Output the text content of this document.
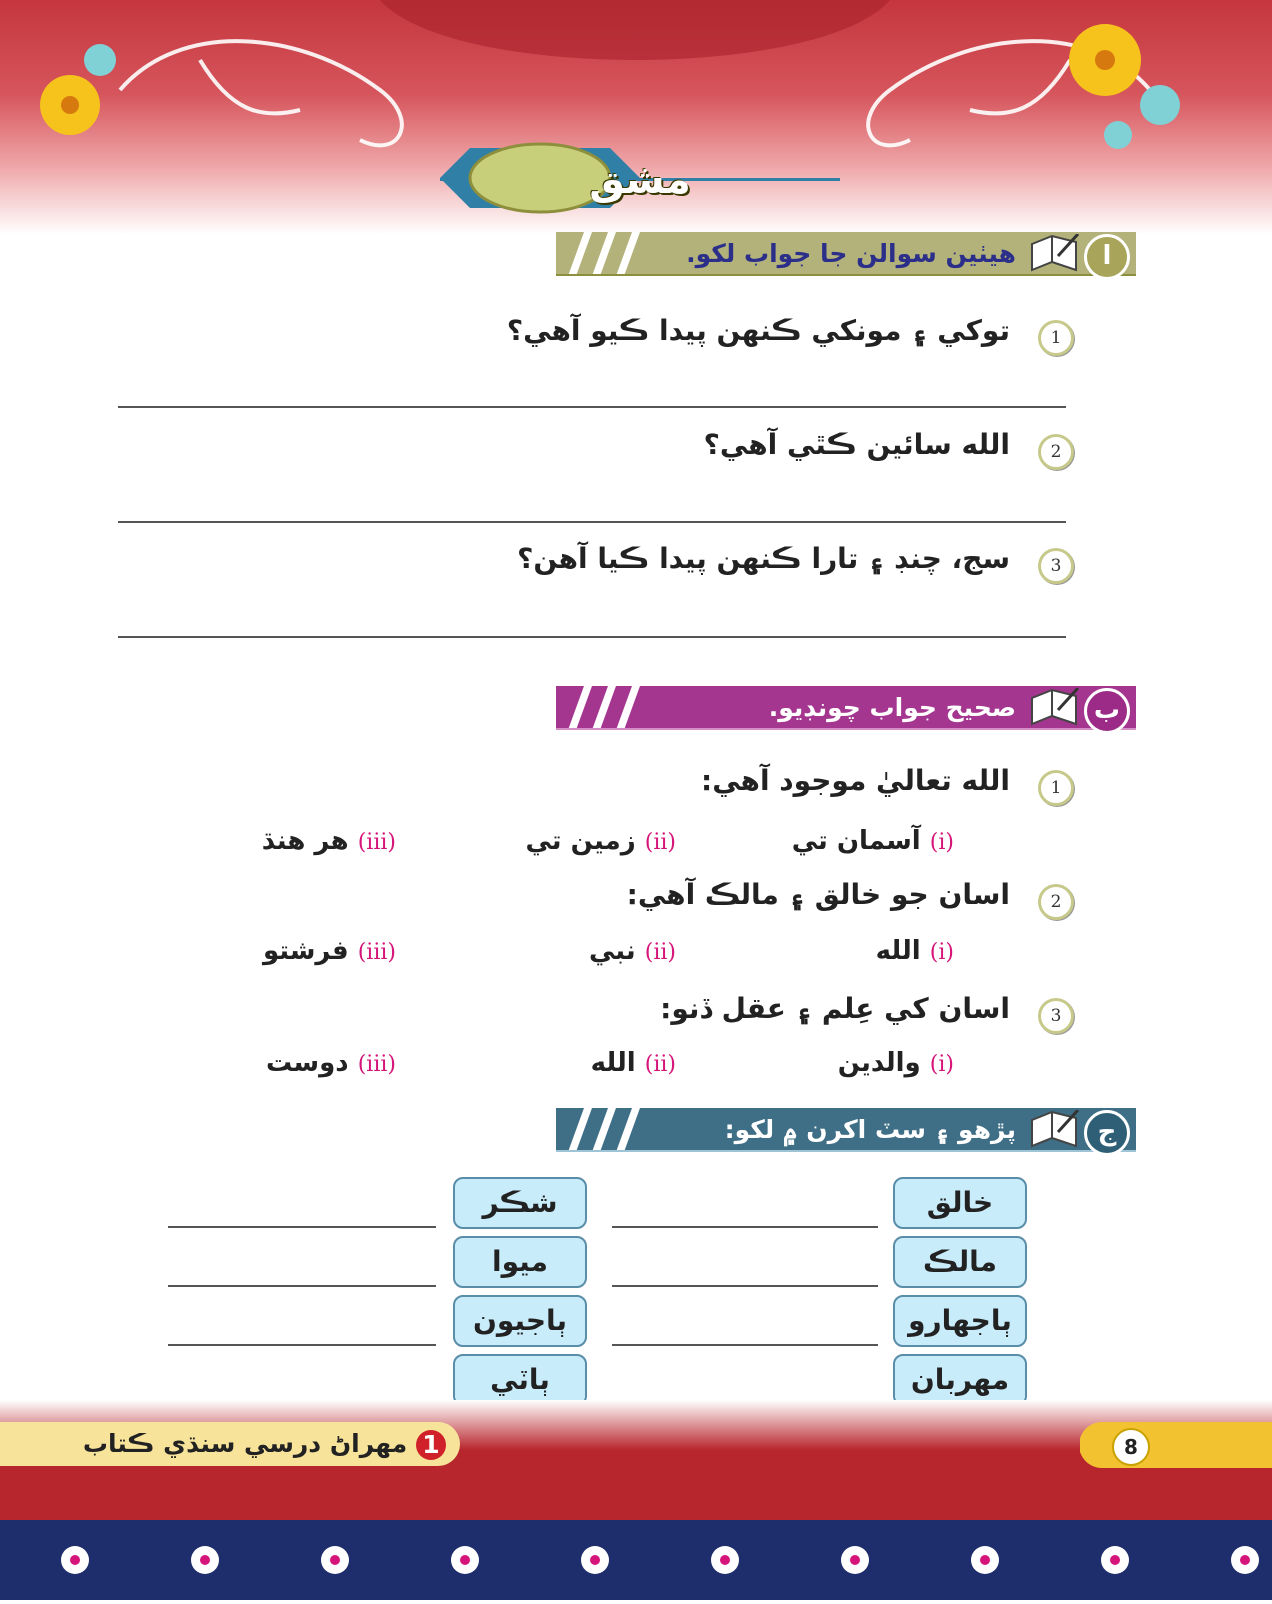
مشق
ا
هيٺين سوالن جا جواب لکو.
1
توکي ۽ مونکي ڪنهن پيدا ڪيو آهي؟
2
الله سائين ڪٿي آهي؟
3
سج، چنڊ ۽ تارا ڪنهن پيدا ڪيا آهن؟
ب
صحيح جواب چونڊيو.
1
الله تعاليٰ موجود آهي:
(i) آسمان تي
(ii) زمين تي
(iii) هر هنڌ
2
اسان جو خالق ۽ مالڪ آهي:
(i) الله
(ii) نبي
(iii) فرشتو
3
اسان کي عِلم ۽ عقل ڏنو:
(i) والدين
(ii) الله
(iii) دوست
ج
پڙهو ۽ سٽ اکرن ۾ لکو:
خالق
مالڪ
ٻاجهارو
مهربان
شڪر
ميوا
ٻاجيون
ٻاٽي
1 مهراڻ درسي سنڌي ڪتاب	8
